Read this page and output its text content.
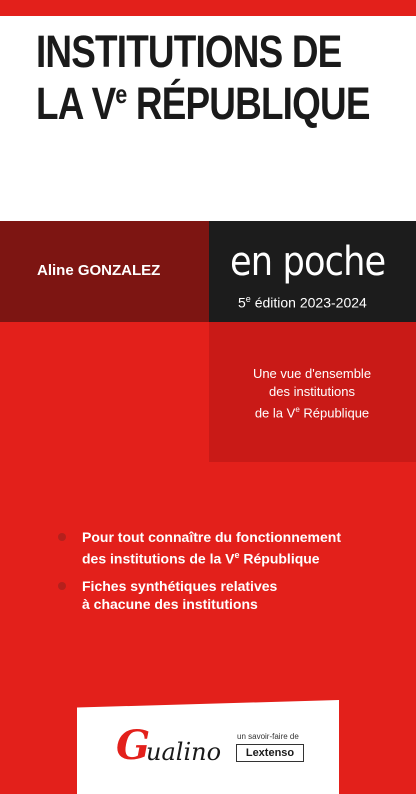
INSTITUTIONS DE
LA Ve RÉPUBLIQUE

Aline GONZALEZ en poche

5e édition 2023-2024

Une vue d'ensemble
des institutions
de la Ve République

Pour tout connaître du fonctionnement
des institutions de la Ve République
Fiches synthétiques relatives
à chacune des institutions

G

ualino

un savoir-faire de

Lextenso
